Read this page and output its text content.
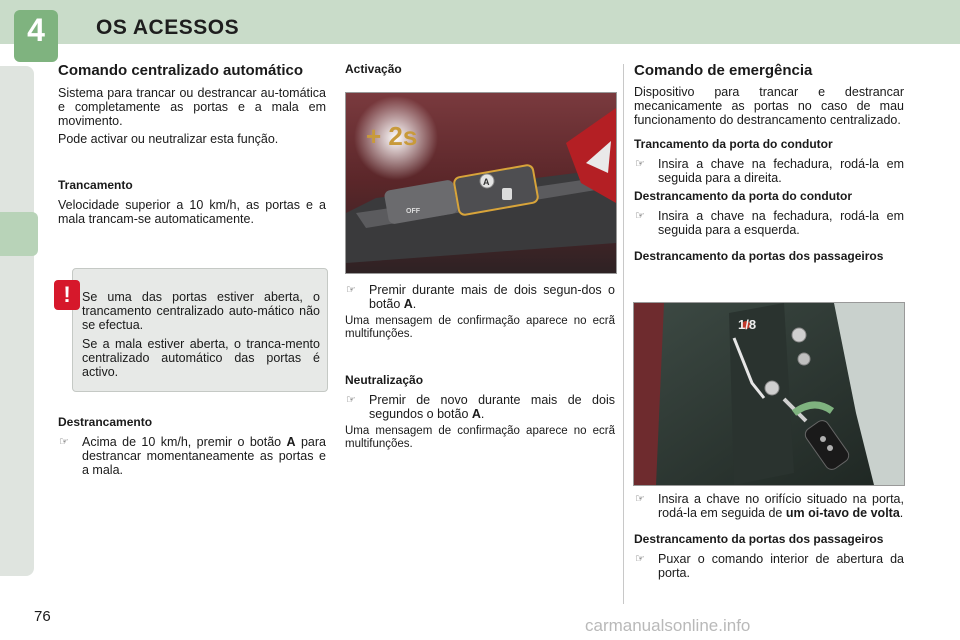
4	OS ACESSOS
Comando centralizado automático

Sistema para trancar ou destrancar au-tomática e completamente as portas e a mala em movimento.

Pode activar ou neutralizar esta função.

Trancamento

Velocidade superior a 10 km/h, as portas e a mala trancam-se automaticamente.

! Se uma das portas estiver aberta, o trancamento centralizado auto-mático não se efectua.

Se a mala estiver aberta, o tranca-mento centralizado automático das portas é activo.

Destrancamento
☞ Acima de 10 km/h, premir o botão A para destrancar momentaneamente as portas e a mala.
Activação
+ 2s
A
OFF
☞ Premir durante mais de dois segun-dos o botão A.

Uma mensagem de confirmação aparece no ecrã multifunções.

Neutralização
☞ Premir de novo durante mais de dois segundos o botão A.

Uma mensagem de confirmação aparece no ecrã multifunções.

Comando de emergência

Dispositivo para trancar e destrancar mecanicamente as portas no caso de mau funcionamento do destrancamento centralizado.

Trancamento da porta do condutor
☞ Insira a chave na fechadura, rodá-la em seguida para a direita.
Destrancamento da porta do condutor
☞ Insira a chave na fechadura, rodá-la em seguida para a esquerda.
Destrancamento da portas dos passageiros
1/8
☞ Insira a chave no orifício situado na porta, rodá-la em seguida de um oi-tavo de volta.
Destrancamento da portas dos passageiros
☞ Puxar o comando interior de abertura da porta.
76	carmanualsonline.info
